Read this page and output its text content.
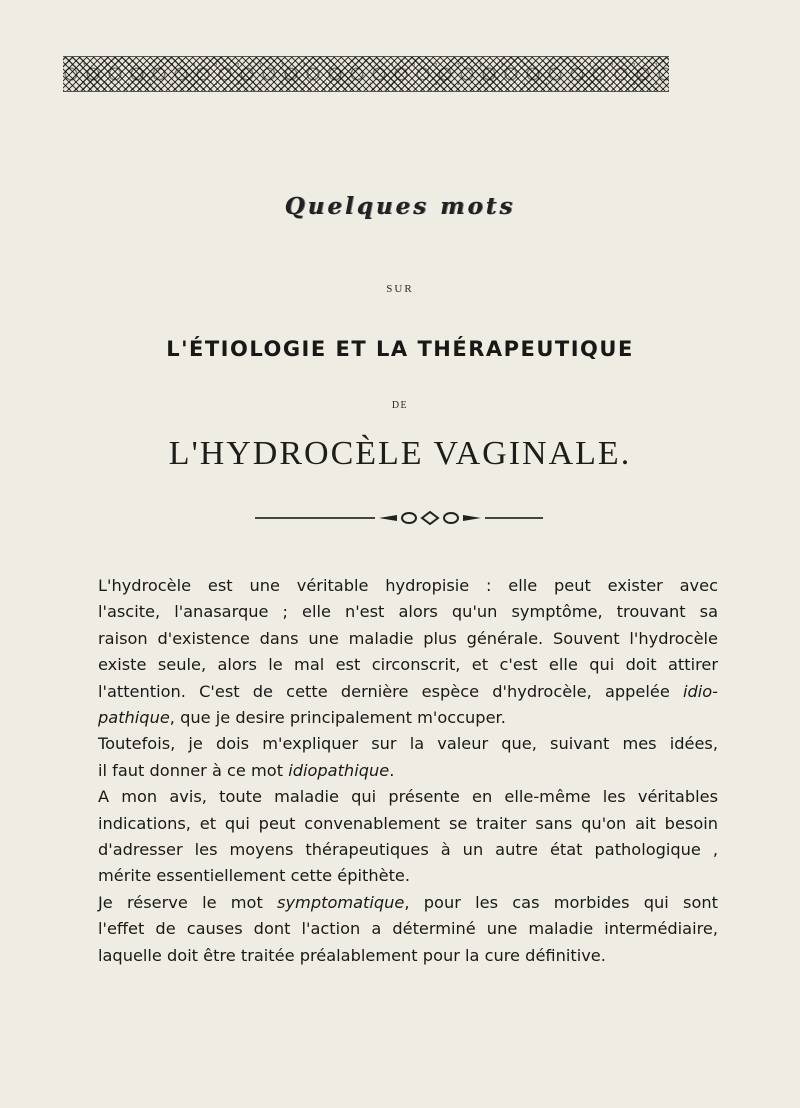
Quelques mots
SUR
L'ÉTIOLOGIE ET LA THÉRAPEUTIQUE
DE
L'HYDROCÈLE VAGINALE.

L'hydrocèle est une véritable hydropisie : elle peut exister avec
l'ascite, l'anasarque ; elle n'est alors qu'un symptôme, trouvant sa
raison d'existence dans une maladie plus générale. Souvent l'hydrocèle
existe seule, alors le mal est circonscrit, et c'est elle qui doit attirer
l'attention. C'est de cette dernière espèce d'hydrocèle, appelée idio-
pathique, que je desire principalement m'occuper.

Toutefois, je dois m'expliquer sur la valeur que, suivant mes idées,
il faut donner à ce mot idiopathique.

A mon avis, toute maladie qui présente en elle-même les véritables
indications, et qui peut convenablement se traiter sans qu'on ait besoin
d'adresser les moyens thérapeutiques à un autre état pathologique ,
mérite essentiellement cette épithète.

Je réserve le mot symptomatique, pour les cas morbides qui sont
l'effet de causes dont l'action a déterminé une maladie intermédiaire,
laquelle doit être traitée préalablement pour la cure définitive.
